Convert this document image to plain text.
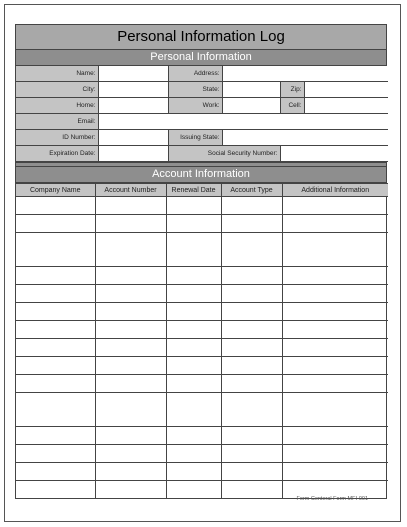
Personal Information Log
Personal Information
Name:		Address:			
City:		State:		Zip:	
Home:		Work:		Cell:	
Email:					
ID Number:		Issuing State:			
Expiration Date:		Social Security Number:			
Account Information
Company Name	Account Number	Renewal Date	Account Type	Additional Information

Form Centeral Form MFI-001
